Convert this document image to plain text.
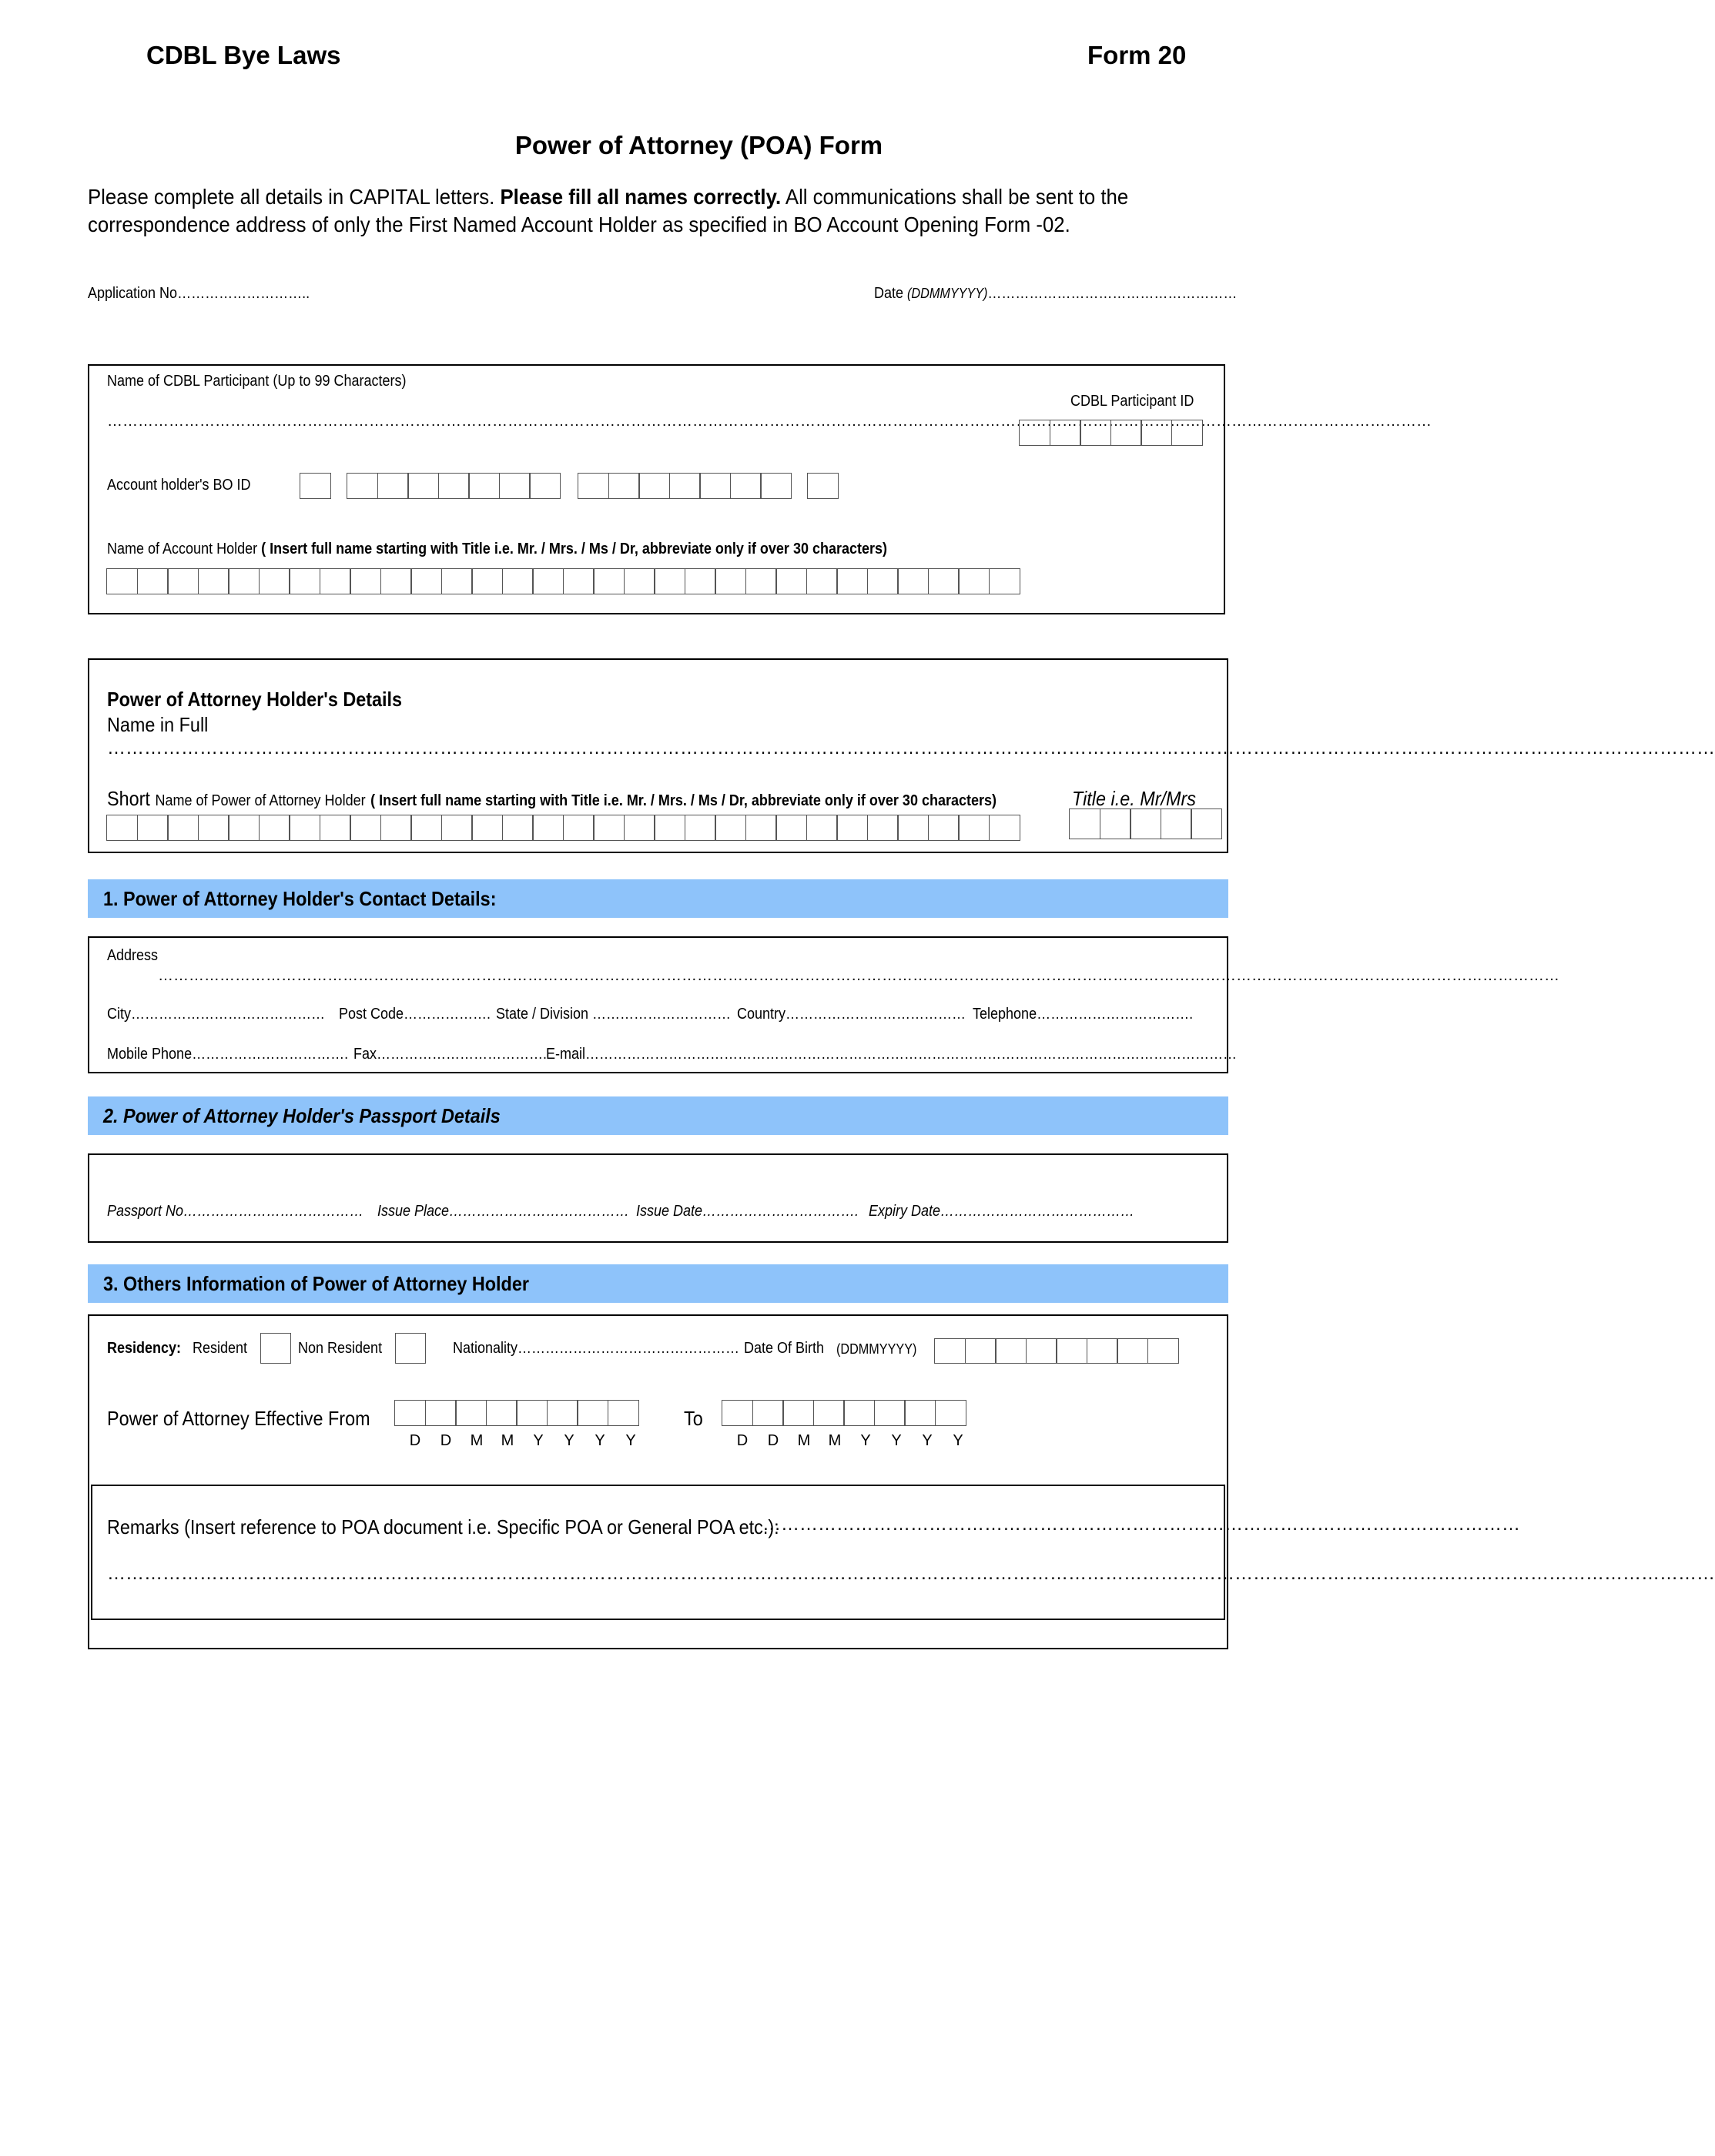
CDBL Bye Laws	Form 20
Power of Attorney (POA) Form
Please complete all details in CAPITAL letters. Please fill all names correctly. All communications shall be sent to the
correspondence address of only the First Named Account Holder as specified in BO Account Opening Form -02.
Application No………………………..	Date (DDMMYYYY)………………………………………………
Name of CDBL Participant (Up to 99 Characters)
……………………………………………………………………………………………………………………………………………………………………………………………………………………………………
CDBL Participant ID
Account holder's BO ID
Name of Account Holder ( Insert full name starting with Title i.e. Mr. / Mrs. / Ms / Dr, abbreviate only if over 30 characters)
Power of Attorney Holder's Details
Name in Full
………………………………………………………………………………………………………………………………………………………………………………………………………………………………………
Short Name of Power of Attorney Holder ( Insert full name starting with Title i.e. Mr. / Mrs. / Ms / Dr, abbreviate only if over 30 characters)	Title i.e. Mr/Mrs
1. Power of Attorney Holder's Contact Details:
Address
…………………………………………………………………………………………………………………………………………………………………………………………………………………………………………………
City…………………………………… Post Code………………. State / Division ………………………… Country………………………………… Telephone…………………………….
Mobile Phone……………………………. Fax……………………………….
E-mail……………………………………………………………………………………………………………………………
2. Power of Attorney Holder's Passport Details
Passport No………………………………… Issue Place………………………………… Issue Date……………………………. Expiry Date……………………………………
3. Others Information of Power of Attorney Holder
Residency: Resident	Non Resident	Nationality………………………………………… Date Of Birth (DDMMYYYY)
Power of Attorney Effective From
D	D	M	M	Y	Y	Y	Y
To
D	D	M	M	Y	Y	Y	Y
Remarks (Insert reference to POA document i.e. Specific POA or General POA etc.):
……………………………………………………………………………………………………………
………………………………………………………………………………………………………………………………………………………………………………………………………………………………………
